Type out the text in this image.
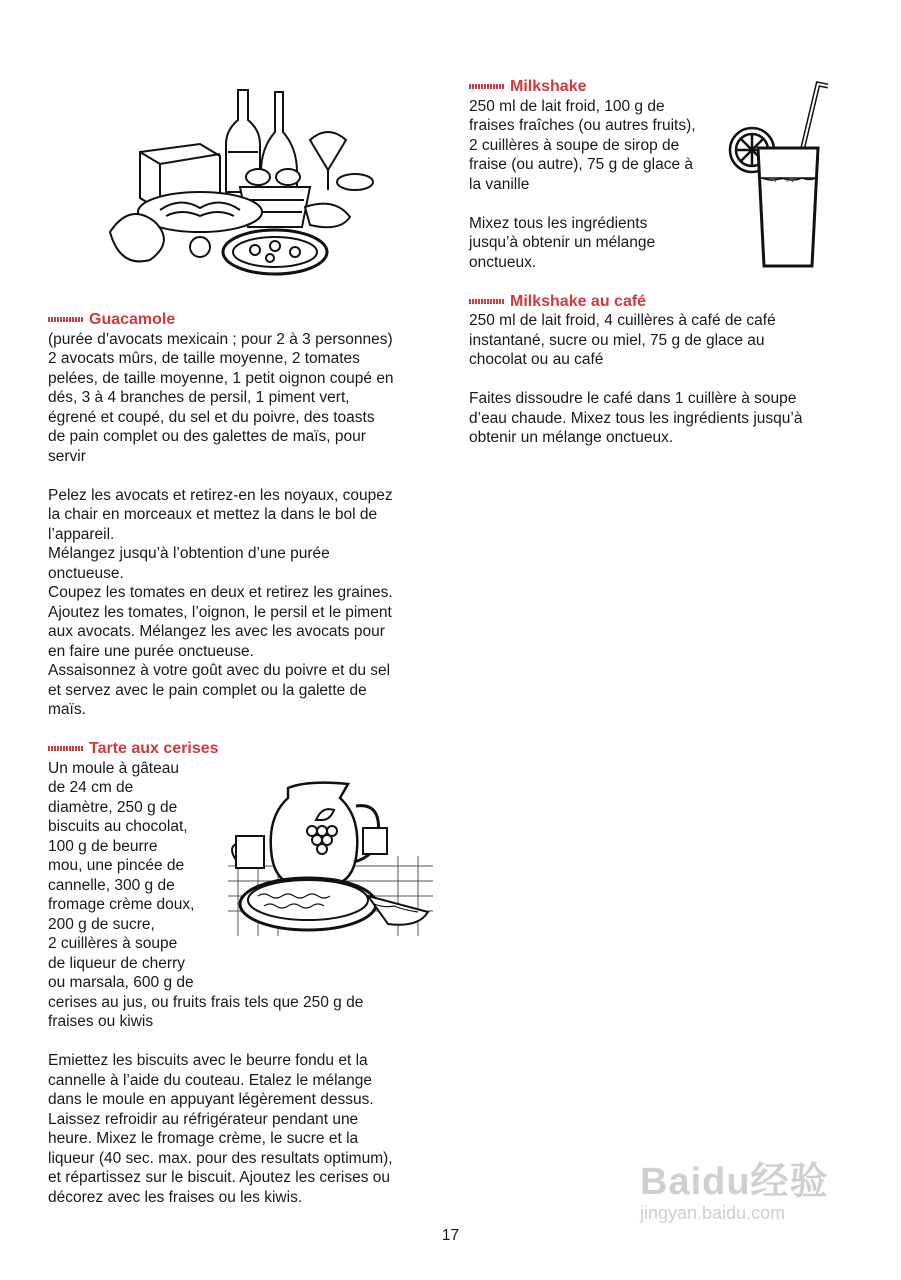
· ° · · °
Guacamole

(purée d’avocats mexicain ; pour 2 à 3 personnes)

2 avocats mûrs, de taille moyenne, 2 tomates

pelées, de taille moyenne, 1 petit oignon coupé en

dés, 3 à 4 branches de persil, 1 piment vert,

égrené et coupé, du sel et du poivre, des toasts

de pain complet ou des galettes de maïs, pour

servir

Pelez les avocats et retirez-en les noyaux, coupez

la chair en morceaux et mettez la dans le bol de

l’appareil.

Mélangez jusqu’à l’obtention d’une purée

onctueuse.

Coupez les tomates en deux et retirez les graines.

Ajoutez les tomates, l’oignon, le persil et le piment

aux avocats. Mélangez les avec les avocats pour

en faire une purée onctueuse.

Assaisonnez à votre goût avec du poivre et du sel

et servez avec le pain complet ou la galette de

maïs.

Tarte aux cerises

Un moule à gâteau

de 24 cm de

diamètre, 250 g de

biscuits au chocolat,

100 g de beurre

mou, une pincée de

cannelle, 300 g de

fromage crème doux,

200 g de sucre,

2 cuillères à soupe

de liqueur de cherry

ou marsala, 600 g de

cerises au jus, ou fruits frais tels que 250 g de

fraises ou kiwis

Emiettez les biscuits avec le beurre fondu et la

cannelle à l’aide du couteau. Etalez le mélange

dans le moule en appuyant légèrement dessus.

Laissez refroidir au réfrigérateur pendant une

heure. Mixez le fromage crème, le sucre et la

liqueur (40 sec. max. pour des resultats optimum),

et répartissez sur le biscuit. Ajoutez les cerises ou

décorez avec les fraises ou les kiwis.

Milkshake

250 ml de lait froid, 100 g de

fraises fraîches (ou autres fruits),

2 cuillères à soupe de sirop de

fraise (ou autre), 75 g de glace à

la vanille

Mixez tous les ingrédients

jusqu’à obtenir un mélange

onctueux.

Milkshake au café

250 ml de lait froid, 4 cuillères à café de café

instantané, sucre ou miel, 75 g de glace au

chocolat ou au café

Faites dissoudre le café dans 1 cuillère à soupe

d’eau chaude. Mixez tous les ingrédients jusqu’à

obtenir un mélange onctueux.

Baidu经验
jingyan.baidu.com
17
